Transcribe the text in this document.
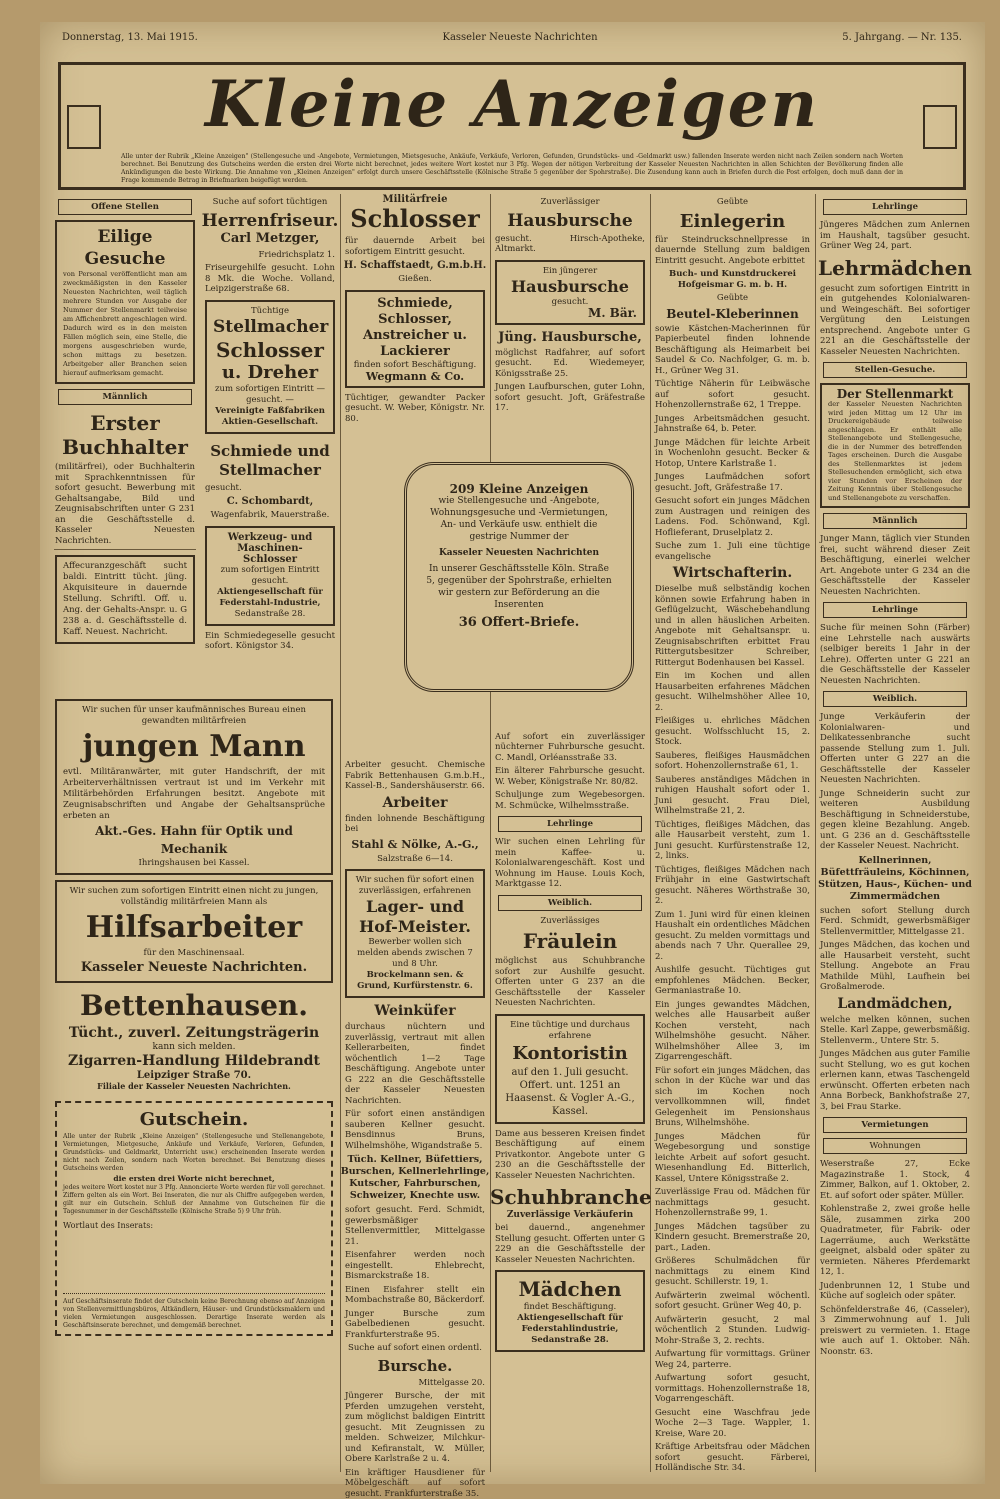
Donnerstag, 13. Mai 1915.	Kasseler Neueste Nachrichten	5. Jahrgang. — Nr. 135.
Kleine Anzeigen
Alle unter der Rubrik „Kleine Anzeigen" (Stellengesuche und -Angebote, Vermietungen, Mietsgesuche, Ankäufe, Verkäufe, Verloren, Gefunden, Grundstücks- und -Geldmarkt usw.) fallenden Inserate werden nicht nach Zeilen sondern nach Worten berechnet. Bei Benutzung des Gutscheins werden die ersten drei Worte nicht berechnet, jedes weitere Wort kostet nur 3 Pfg. Wegen der nötigen Verbreitung der Kasseler Neuesten Nachrichten in allen Schichten der Bevölkerung finden alle Ankündigungen die beste Wirkung. Die Annahme von „Kleinen Anzeigen" erfolgt durch unsere Geschäftsstelle (Kölnische Straße 5 gegenüber der Spohrstraße). Die Zusendung kann auch in Briefen durch die Post erfolgen, doch muß dann der in Frage kommende Betrag in Briefmarken beigefügt werden.
Offene Stellen
Eilige Gesuche
von Personal veröffentlicht man am zweckmäßigsten in den Kasseler Neuesten Nachrichten, weil täglich mehrere Stunden vor Ausgabe der Nummer der Stellenmarkt teilweise am Affichenbrett angeschlagen wird. Dadurch wird es in den meisten Fällen möglich sein, eine Stelle, die morgens ausgeschrieben wurde, schon mittags zu besetzen. Arbeitgeber aller Branchen seien hierauf aufmerksam gemacht.
Männlich
Erster Buchhalter
(militärfrei), oder Buchhalterin mit Sprachkenntnissen für sofort gesucht. Bewerbung mit Gehaltsangabe, Bild und Zeugnisabschriften unter G 231 an die Geschäftsstelle d. Kasseler Neuesten Nachrichten.
Affecuranzgeschäft sucht baldi. Eintritt tücht. jüng. Akquisiteure in dauernde Stellung. Schriftl. Off. u. Ang. der Gehalts-Anspr. u. G 238 a. d. Geschäftsstelle d. Kaff. Neuest. Nachricht.
Wir suchen für unser kaufmännisches Bureau einen gewandten militärfreien
jungen Mann
evtl. Militäranwärter, mit guter Handschrift, der mit Arbeiterverhältnissen vertraut ist und im Verkehr mit Militärbehörden Erfahrungen besitzt. Angebote mit Zeugnisabschriften und Angabe der Gehaltsansprüche erbeten an
Akt.-Ges. Hahn für Optik und Mechanik
Ihringshausen bei Kassel.
Wir suchen zum sofortigen Eintritt einen nicht zu jungen, vollständig militärfreien Mann als
Hilfsarbeiter
für den Maschinensaal.
Kasseler Neueste Nachrichten.
Bettenhausen.
Tücht., zuverl. Zeitungsträgerin
kann sich melden.
Zigarren-Handlung Hildebrandt
Leipziger Straße 70.
Filiale der Kasseler Neuesten Nachrichten.
Gutschein.
Alle unter der Rubrik „Kleine Anzeigen" (Stellengesuche und Stellenangebote, Vermietungen, Mietgesuche, Ankäufe und Verkäufe, Verloren, Gefunden, Grundstücks- und Geldmarkt, Unterricht usw.) erscheinenden Inserate werden nicht nach Zeilen, sondern nach Worten berechnet. Bei Benutzung dieses Gutscheins werden
die ersten drei Worte nicht berechnet,
jedes weitere Wort kostet nur 3 Pfg. Annoncierte Worte werden für voll gerechnet. Ziffern gelten als ein Wort. Bei Inseraten, die nur als Chiffre aufgegeben werden, gilt nur ein Gutschein. Schluß der Annahme von Gutscheinen für die Tagesnummer in der Geschäftsstelle (Kölnische Straße 5) 9 Uhr früh.
Wortlaut des Inserats:
Auf Geschäftsinserate findet der Gutschein keine Berechnung ebenso auf Anzeigen von Stellenvermittlungsbüros, Altkändlern, Häuser- und Grundstücksmaklern und vielen Vermietungen ausgeschlossen. Derartige Inserate werden als Geschäftsinserate berechnet, und demgemäß berechnet.
Suche auf sofort tüchtigen
Herrenfriseur.
Carl Metzger,
Friedrichsplatz 1.
Friseurgehilfe gesucht. Lohn 8 Mk. die Woche. Volland, Leipzigerstraße 68.
Tüchtige
Stellmacher
Schlosser
u. Dreher
zum sofortigen Eintritt — gesucht. —
Vereinigte Faßfabriken Aktien-Gesellschaft.
Schmiede und Stellmacher
gesucht.
C. Schombardt,
Wagenfabrik, Mauerstraße.
Werkzeug- und Maschinen-Schlosser
zum sofortigen Eintritt gesucht.
Aktiengesellschaft für Federstahl-Industrie,
Sedanstraße 28.
Ein Schmiedegeselle gesucht sofort. Königstor 34.
Militärfreie
Schlosser
für dauernde Arbeit bei sofortigem Eintritt gesucht.
H. Schaffstaedt, G.m.b.H.
Gießen.
Schmiede, Schlosser, Anstreicher u. Lackierer
finden sofort Beschäftigung.
Wegmann & Co.
Tüchtiger, gewandter Packer gesucht. W. Weber, Königstr. Nr. 80.
Arbeiter gesucht. Chemische Fabrik Bettenhausen G.m.b.H., Kassel-B., Sandershäuserstr. 66.
Arbeiter
finden lohnende Beschäftigung bei
Stahl & Nölke, A.-G.,
Salzstraße 6—14.
Wir suchen für sofort einen zuverlässigen, erfahrenen
Lager- und Hof-Meister.
Bewerber wollen sich melden abends zwischen 7 und 8 Uhr.
Brockelmann sen. & Grund, Kurfürstenstr. 6.
Weinküfer
durchaus nüchtern und zuverlässig, vertraut mit allen Kellerarbeiten, findet wöchentlich 1—2 Tage Beschäftigung. Angebote unter G 222 an die Geschäftsstelle der Kasseler Neuesten Nachrichten.
Für sofort einen anständigen sauberen Kellner gesucht. Bensdinnus Bruns, Wilhelmshöhe, Wigandstraße 5.
Tüch. Kellner, Büfettiers, Burschen, Kellnerlehrlinge, Kutscher, Fahrburschen, Schweizer, Knechte usw.
sofort gesucht. Ferd. Schmidt, gewerbsmäßiger Stellenvermittler, Mittelgasse 21.
Eisenfahrer werden noch eingestellt. Ehlebrecht, Bismarckstraße 18.
Einen Eisfahrer stellt ein Mombachstraße 80, Bäckerdorf.
Junger Bursche zum Gabelbedienen gesucht. Frankfurterstraße 95.
Suche auf sofort einen ordentl.
Bursche.
Mittelgasse 20.
Jüngerer Bursche, der mit Pferden umzugehen versteht, zum möglichst baldigen Eintritt gesucht. Mit Zeugnissen zu melden. Schweizer, Milchkur- und Kefiranstalt, W. Müller, Obere Karlstraße 2 u. 4.
Ein kräftiger Hausdiener für Möbelgeschäft auf sofort gesucht. Frankfurterstraße 35.
Zuverlässiger
Hausbursche
gesucht. Hirsch-Apotheke, Altmarkt.
Ein jüngerer
Hausbursche
gesucht.
M. Bär.
Jüng. Hausbursche,
möglichst Radfahrer, auf sofort gesucht. Ed. Wiedemeyer, Königsstraße 25.
Jungen Laufburschen, guter Lohn, sofort gesucht. Joft, Gräfestraße 17.
Auf sofort ein zuverlässiger nüchterner Fuhrbursche gesucht. C. Mandl, Orléansstraße 33.
Ein älterer Fahrbursche gesucht. W. Weber, Königstraße Nr. 80/82.
Schuljunge zum Wegebesorgen. M. Schmücke, Wilhelmsstraße.
Lehrlinge
Wir suchen einen Lehrling für mein Kaffee- u. Kolonialwarengeschäft. Kost und Wohnung im Hause. Louis Koch, Marktgasse 12.
Weiblich.
Zuverlässiges
Fräulein
möglichst aus Schuhbranche sofort zur Aushilfe gesucht. Offerten unter G 237 an die Geschäftsstelle der Kasseler Neuesten Nachrichten.
Eine tüchtige und durchaus erfahrene
Kontoristin
auf den 1. Juli gesucht. Offert. unt. 1251 an Haasenst. & Vogler A.-G., Kassel.
Dame aus besseren Kreisen findet Beschäftigung auf einem Privatkontor. Angebote unter G 230 an die Geschäftsstelle der Kasseler Neuesten Nachrichten.
Schuhbranche
Zuverlässige Verkäuferin
bei dauernd., angenehmer Stellung gesucht. Offerten unter G 229 an die Geschäftsstelle der Kasseler Neuesten Nachrichten.
Mädchen
findet Beschäftigung.
Aktiengesellschaft für Federstahlindustrie, Sedanstraße 28.
209 Kleine Anzeigen
wie Stellengesuche und -Angebote, Wohnungsgesuche und -Vermietungen, An- und Verkäufe usw. enthielt die gestrige Nummer der
Kasseler Neuesten Nachrichten
In unserer Geschäftsstelle Köln. Straße 5, gegenüber der Spohrstraße, erhielten wir gestern zur Beförderung an die Inserenten
36 Offert-Briefe.
Geübte
Einlegerin
für Steindruckschnellpresse in dauernde Stellung zum baldigen Eintritt gesucht. Angebote erbittet
Buch- und Kunstdruckerei Hofgeismar G. m. b. H.
Geübte
Beutel-Kleberinnen
sowie Kästchen-Macherinnen für Papierbeutel finden lohnende Beschäftigung als Heimarbeit bei Saudel & Co. Nachfolger, G. m. b. H., Grüner Weg 31.
Tüchtige Näherin für Leibwäsche auf sofort gesucht. Hohenzollernstraße 62, 1 Treppe.
Junges Arbeitsmädchen gesucht. Jahnstraße 64, b. Peter.
Junge Mädchen für leichte Arbeit in Wochenlohn gesucht. Becker & Hotop, Untere Karlstraße 1.
Junges Laufmädchen sofort gesucht. Joft, Gräfestraße 17.
Gesucht sofort ein junges Mädchen zum Austragen und reinigen des Ladens. Fod. Schönwand, Kgl. Hoflieferant, Druselplatz 2.
Suche zum 1. Juli eine tüchtige evangelische
Wirtschafterin.
Dieselbe muß selbständig kochen können sowie Erfahrung haben in Geflügelzucht, Wäschebehandlung und in allen häuslichen Arbeiten. Angebote mit Gehaltsanspr. u. Zeugnisabschriften erbittet Frau Rittergutsbesitzer Schreiber, Rittergut Bodenhausen bei Kassel.
Ein im Kochen und allen Hausarbeiten erfahrenes Mädchen gesucht. Wilhelmshöher Allee 10, 2.
Fleißiges u. ehrliches Mädchen gesucht. Wolfsschlucht 15, 2. Stock.
Sauberes, fleißiges Hausmädchen sofort. Hohenzollernstraße 61, 1.
Sauberes anständiges Mädchen in ruhigen Haushalt sofort oder 1. Juni gesucht. Frau Diel, Wilhelmstraße 21, 2.
Tüchtiges, fleißiges Mädchen, das alle Hausarbeit versteht, zum 1. Juni gesucht. Kurfürstenstraße 12, 2, links.
Tüchtiges, fleißiges Mädchen nach Frühjahr in eine Gastwirtschaft gesucht. Näheres Wörthstraße 30, 2.
Zum 1. Juni wird für einen kleinen Haushalt ein ordentliches Mädchen gesucht. Zu melden vormittags und abends nach 7 Uhr. Querallee 29, 2.
Aushilfe gesucht. Tüchtiges gut empfohlenes Mädchen. Becker, Germaniastraße 10.
Ein junges gewandtes Mädchen, welches alle Hausarbeit außer Kochen versteht, nach Wilhelmshöhe gesucht. Näher. Wilhelmshöher Allee 3, im Zigarrengeschäft.
Für sofort ein junges Mädchen, das schon in der Küche war und das sich im Kochen noch vervollkommnen will, findet Gelegenheit im Pensionshaus Bruns, Wilhelmshöhe.
Junges Mädchen für Wegebesorgung und sonstige leichte Arbeit auf sofort gesucht. Wiesenhandlung Ed. Bitterlich, Kassel, Untere Königsstraße 2.
Zuverlässige Frau od. Mädchen für nachmittags gesucht. Hohenzollernstraße 99, 1.
Junges Mädchen tagsüber zu Kindern gesucht. Bremerstraße 20, part., Laden.
Größeres Schulmädchen für nachmittags zu einem Kind gesucht. Schillerstr. 19, 1.
Aufwärterin zweimal wöchentl. sofort gesucht. Grüner Weg 40, p.
Aufwärterin gesucht, 2 mal wöchentlich 2 Stunden. Ludwig-Mohr-Straße 3, 2. rechts.
Aufwartung für vormittags. Grüner Weg 24, parterre.
Aufwartung sofort gesucht, vormittags. Hohenzollernstraße 18, Vogarrengeschäft.
Gesucht eine Waschfrau jede Woche 2—3 Tage. Wappler, 1. Kreise, Ware 20.
Kräftige Arbeitsfrau oder Mädchen sofort gesucht. Färberei, Holländische Str. 34.
Lehrlinge
Jüngeres Mädchen zum Anlernen im Haushalt, tagsüber gesucht. Grüner Weg 24, part.
Lehrmädchen
gesucht zum sofortigen Eintritt in ein gutgehendes Kolonialwaren- und Weingeschäft. Bei sofortiger Vergütung den Leistungen entsprechend. Angebote unter G 221 an die Geschäftsstelle der Kasseler Neuesten Nachrichten.
Stellen-Gesuche.
Der Stellenmarkt
der Kasseler Neuesten Nachrichten wird jeden Mittag um 12 Uhr im Druckereigebäude teilweise angeschlagen. Er enthält alle Stellenangebote und Stellengesuche, die in der Nummer des betreffenden Tages erscheinen. Durch die Ausgabe des Stellenmarktes ist jedem Stellesuchenden ermöglicht, sich etwa vier Stunden vor Erscheinen der Zeitung Kenntnis über Stellengesuche und Stellenangebote zu verschaffen.
Männlich
Junger Mann, täglich vier Stunden frei, sucht während dieser Zeit Beschäftigung, einerlei welcher Art. Angebote unter G 234 an die Geschäftsstelle der Kasseler Neuesten Nachrichten.
Lehrlinge
Suche für meinen Sohn (Färber) eine Lehrstelle nach auswärts (selbiger bereits 1 Jahr in der Lehre). Offerten unter G 221 an die Geschäftsstelle der Kasseler Neuesten Nachrichten.
Weiblich.
Junge Verkäuferin der Kolonialwaren- und Delikatessenbranche sucht passende Stellung zum 1. Juli. Offerten unter G 227 an die Geschäftsstelle der Kasseler Neuesten Nachrichten.
Junge Schneiderin sucht zur weiteren Ausbildung Beschäftigung in Schneiderstube, gegen kleine Bezahlung. Angeb. unt. G 236 an d. Geschäftsstelle der Kasseler Neuest. Nachricht.
Kellnerinnen, Büfettfräuleins, Köchinnen, Stützen, Haus-, Küchen- und Zimmermädchen
suchen sofort Stellung durch Ferd. Schmidt, gewerbsmäßiger Stellenvermittler, Mittelgasse 21.
Junges Mädchen, das kochen und alle Hausarbeit versteht, sucht Stellung. Angebote an Frau Mathilde Mühl, Laufhein bei Großalmerode.
Landmädchen,
welche melken können, suchen Stelle. Karl Zappe, gewerbsmäßig. Stellenverm., Untere Str. 5.
Junges Mädchen aus guter Familie sucht Stellung, wo es gut kochen erlernen kann, etwas Taschengeld erwünscht. Offerten erbeten nach Anna Borbeck, Bankhofstraße 27, 3, bei Frau Starke.
Vermietungen
Wohnungen
Weserstraße 27, Ecke Magazinstraße 1. Stock, 4 Zimmer, Balkon, auf 1. Oktober, 2. Et. auf sofort oder später. Müller.
Kohlenstraße 2, zwei große helle Säle, zusammen zirka 200 Quadratmeter, für Fabrik- oder Lagerräume, auch Werkstätte geeignet, alsbald oder später zu vermieten. Näheres Pferdemarkt 12, 1.
Judenbrunnen 12, 1 Stube und Küche auf sogleich oder später.
Schönfelderstraße 46, (Casseler), 3 Zimmerwohnung auf 1. Juli preiswert zu vermieten. 1. Etage wie auch auf 1. Oktober. Näh. Noonstr. 63.
